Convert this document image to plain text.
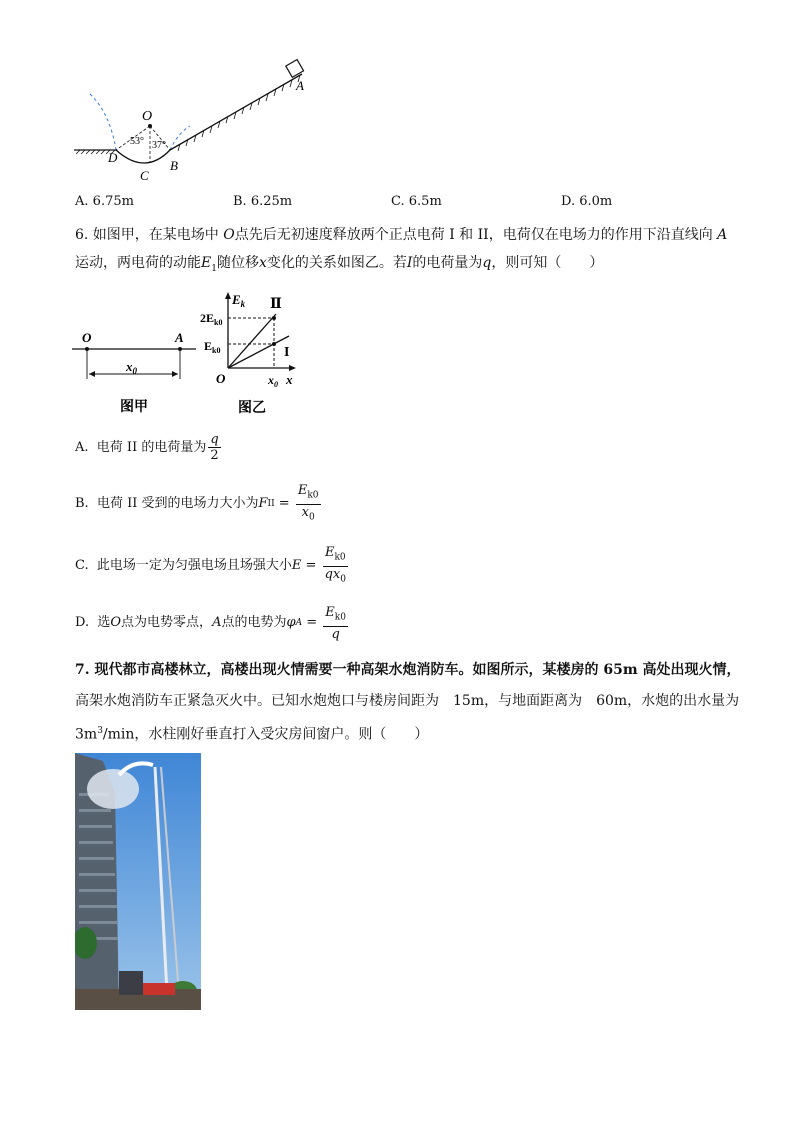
O
A
B
C
D
53° 37°
A. 6.75m	B. 6.25m	C. 6.5m	D. 6.0m
6. 如图甲，在某电场中 O点先后无初速度释放两个正点电荷 I 和 II，电荷仅在电场力的作用下沿直线向 A
运动，两电荷的动能$E_1$随位移x变化的关系如图乙。若I的电荷量为q，则可知（　　）
O	A
$x_0$
图甲
$E_k$
x
O
$2E_{k0}$
$E_{k0}$
$x_0$
Ⅱ
I
图乙
A.
电荷 II 的电荷量为 $\frac{q}{2}$
B.
电荷 II 受到的电场力大小为 F II
=
$\frac{E_{k0}}{x_0}$
C.
此电场一定为匀强电场且场强大小 E
=
$\frac{E_{k0}}{qx_0}$
D.
选 O 点为电势零点， A 点的电势为 φ A
=
$\frac{E_{k0}}{q}$
7. 现代都市高楼林立，高楼出现火情需要一种高架水炮消防车。如图所示，某楼房的 65m 高处出现火情，
高架水炮消防车正紧急灭火中。已知水炮炮口与楼房间距为　15m，与地面距离为　60m，水炮的出水量为
$3m^3/\min$，水柱刚好垂直打入受灾房间窗户。则（　　）
